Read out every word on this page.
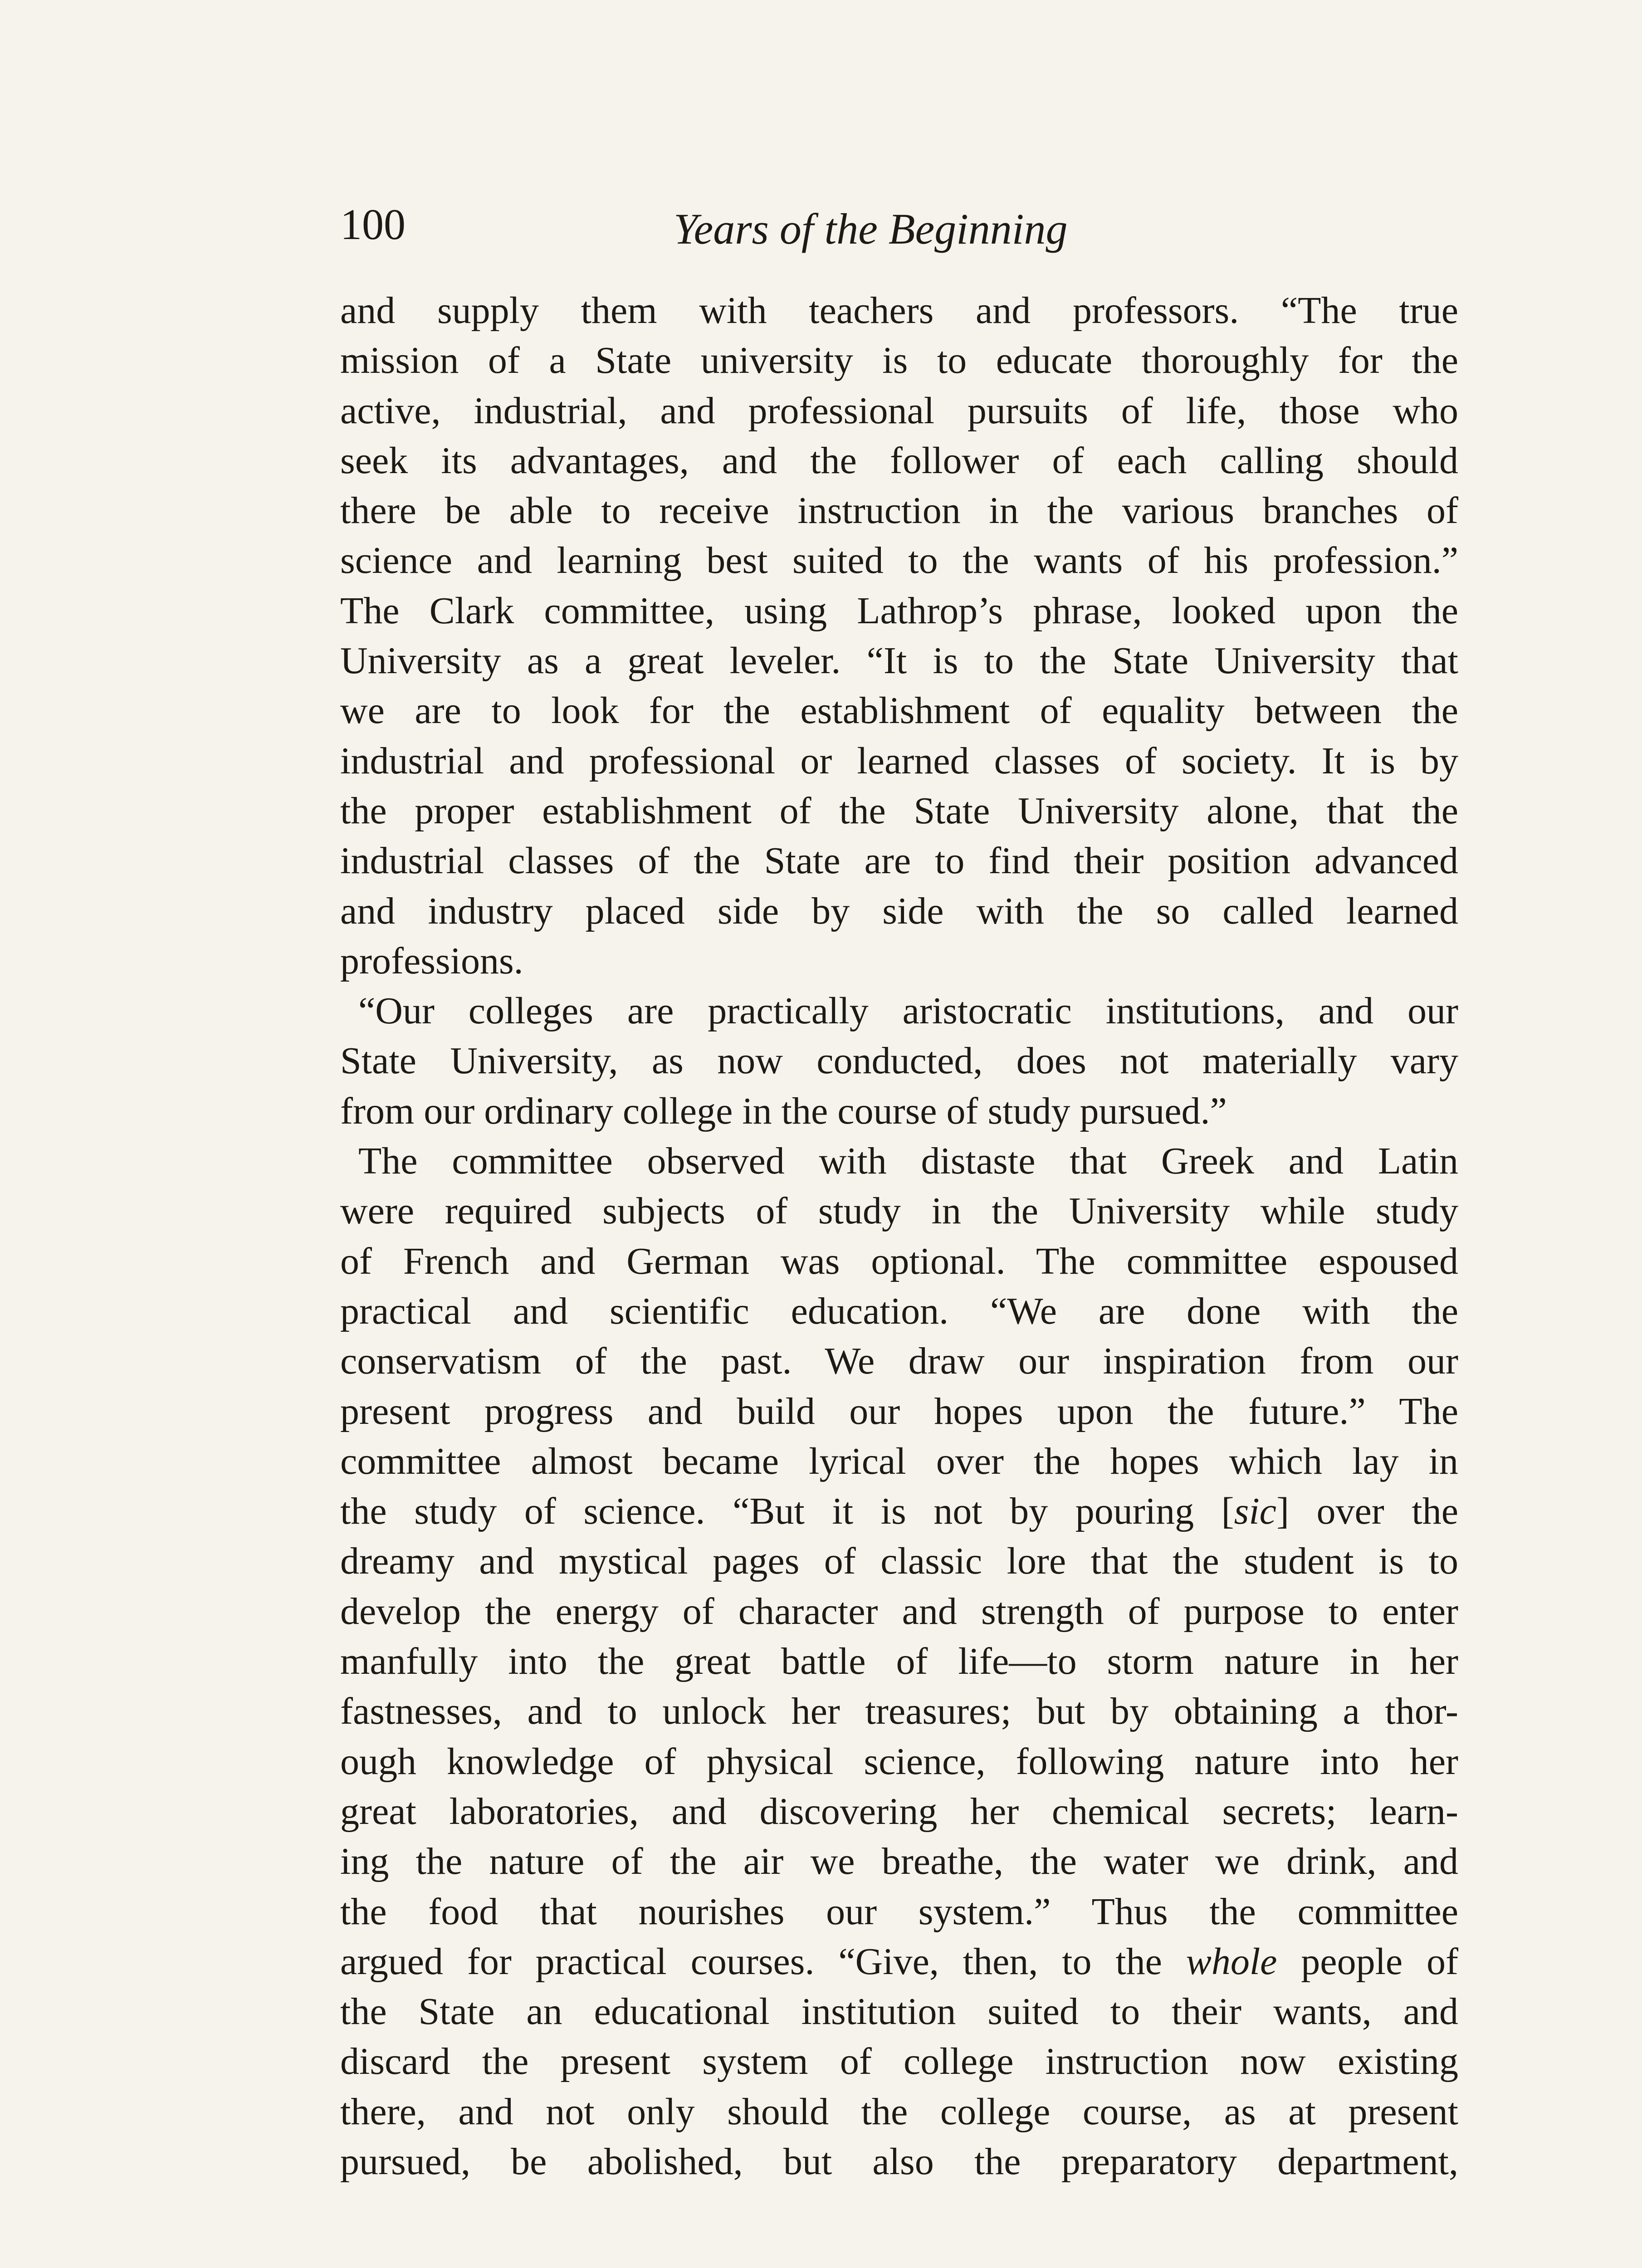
100	Years of the Beginning
and supply them with teachers and professors. “The true
mission of a State university is to educate thoroughly for the
active, industrial, and professional pursuits of life, those who
seek its advantages, and the follower of each calling should
there be able to receive instruction in the various branches of
science and learning best suited to the wants of his profession.”
The Clark committee, using Lathrop’s phrase, looked upon the
University as a great leveler. “It is to the State University that
we are to look for the establishment of equality between the
industrial and professional or learned classes of society. It is by
the proper establishment of the State University alone, that the
industrial classes of the State are to find their position advanced
and industry placed side by side with the so called learned
professions.
“Our colleges are practically aristocratic institutions, and our
State University, as now conducted, does not materially vary
from our ordinary college in the course of study pursued.”
The committee observed with distaste that Greek and Latin
were required subjects of study in the University while study
of French and German was optional. The committee espoused
practical and scientific education. “We are done with the
conservatism of the past. We draw our inspiration from our
present progress and build our hopes upon the future.” The
committee almost became lyrical over the hopes which lay in
the study of science. “But it is not by pouring [sic] over the
dreamy and mystical pages of classic lore that the student is to
develop the energy of character and strength of purpose to enter
manfully into the great battle of life—to storm nature in her
fastnesses, and to unlock her treasures; but by obtaining a thor-
ough knowledge of physical science, following nature into her
great laboratories, and discovering her chemical secrets; learn-
ing the nature of the air we breathe, the water we drink, and
the food that nourishes our system.” Thus the committee
argued for practical courses. “Give, then, to the whole people of
the State an educational institution suited to their wants, and
discard the present system of college instruction now existing
there, and not only should the college course, as at present
pursued, be abolished, but also the preparatory department,
